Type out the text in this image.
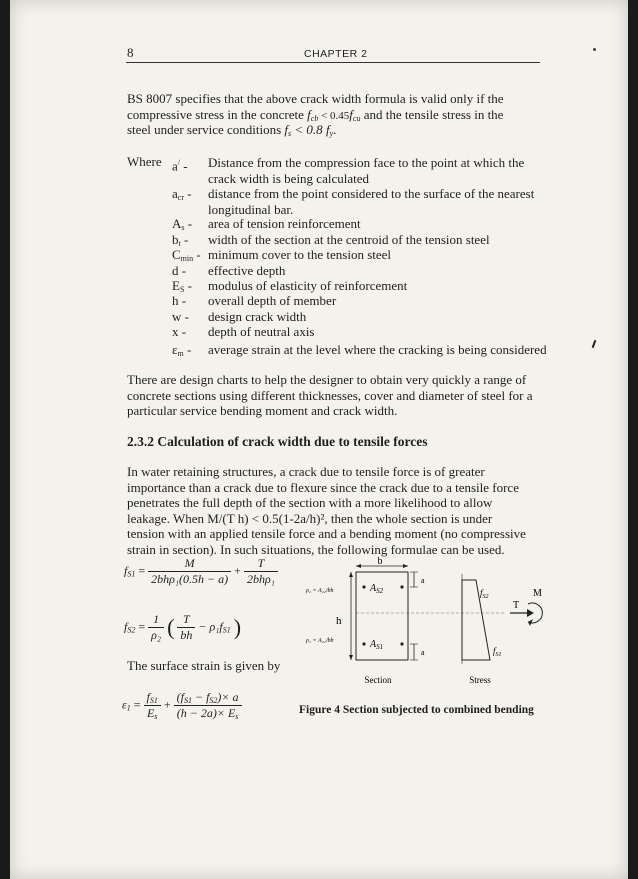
8	CHAPTER 2
BS 8007 specifies that the above crack width formula is valid only if the
compressive stress in the concrete $f_{cb} < 0.45f_{cu}$ and the tensile stress in the
steel under service conditions $f_s < 0.8$ $f_y$.
Where a/ - Distance from the compression face to the point at which the
crack width is being calculated
$a_{cr}$ - distance from the point considered to the surface of the nearest
longitudinal bar.
$A_s$ - area of tension reinforcement
$b_t$ - width of the section at the centroid of the tension steel
$C_{min}$ - minimum cover to the tension steel
d - effective depth
$E_S$ - modulus of elasticity of reinforcement
h - overall depth of member
w - design crack width
x - depth of neutral axis
$\varepsilon_m$ - average strain at the level where the cracking is being considered
There are design charts to help the designer to obtain very quickly a range of
concrete sections using different thicknesses, cover and diameter of steel for a
particular service bending moment and crack width.
2.3.2 Calculation of crack width due to tensile forces
In water retaining structures, a crack due to tensile force is of greater
importance than a crack due to flexure since the crack due to a tensile force
penetrates the full depth of the section with a more likelihood to allow
leakage. When M/(T h) < 0.5(1-2a/h)², then the whole section is under
tension with an applied tensile force and a bending moment (no compressive
strain in section). In such situations, the following formulae can be used.
$f_{S1} = \frac{M}{\text{2bhρ₁(0.5h − a)}} + \frac{T}{\text{2bhρ₁}}$
$f_{S2} = \frac{1}{\text{ρ₂}}$ ( $\frac{T}{bh} - \rho_1f_{S1}$ )
The surface strain is given by
$\varepsilon_1 = \frac{f_{S1}}{E_s} + \frac{(f_{S1} - f_{S2})\times a}{(h - 2a)\times E_s}$
b
h
$A_{S2}$
$A_{S1}$
a
a
ρ₂ = A₂₂/bh
ρ₁ = A₂₁/bh
$f_{S2}$
$f_{S1}$
T
M
Section	Stress
Figure 4 Section subjected to combined bending
